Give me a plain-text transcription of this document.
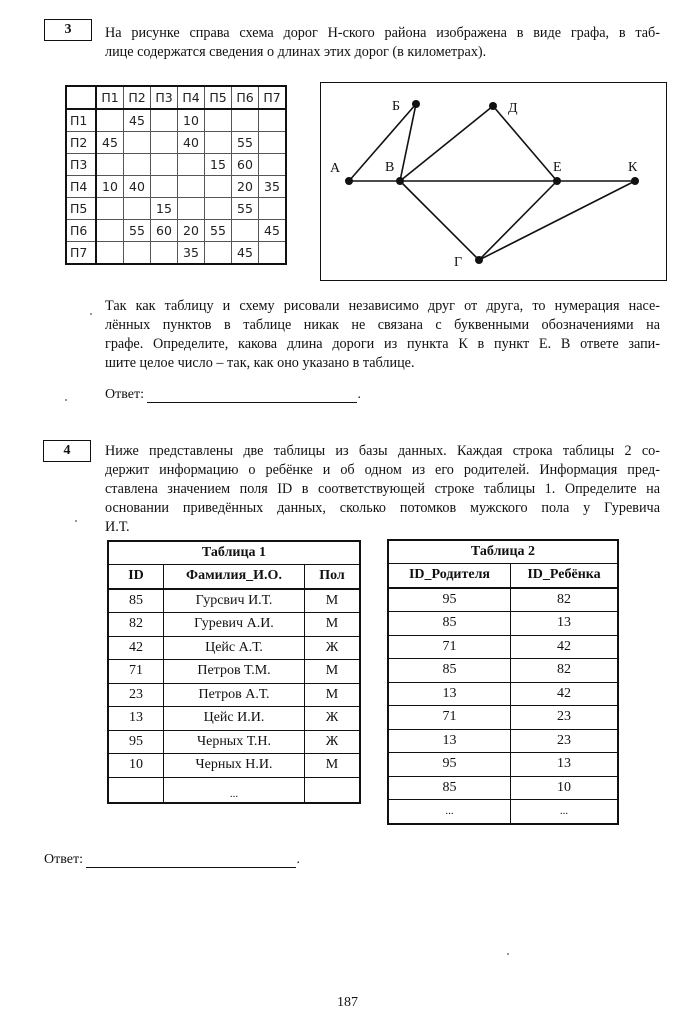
3 На рисунке справа схема дорог Н-ского района изображена в виде графа, в таб-
лице содержатся сведения о длинах этих дорог (в километрах).
	П1	П2	П3	П4	П5	П6	П7
П1		45		10			
П2	45			40		55	
П3					15	60	
П4	10	40				20	35
П5			15			55	
П6		55	60	20	55		45
П7				35		45	
А
Б
В
Д
Е	К
Г
Так как таблицу и схему рисовали независимо друг от друга, то нумерация насе-
лённых пунктов в таблице никак не связана с буквенными обозначениями на
графе. Определите, какова длина дороги из пункта К в пункт Е. В ответе запи-
шите целое число – так, как оно указано в таблице.
Ответ:	.
4 Ниже представлены две таблицы из базы данных. Каждая строка таблицы 2 со-
держит информацию о ребёнке и об одном из его родителей. Информация пред-
ставлена значением поля ID в соответствующей строке таблицы 1. Определите на
основании приведённых данных, сколько потомков мужского пола у Гуревича
И.Т.
Таблица 1		
ID	Фамилия_И.О.	Пол
85	Гурсвич И.Т.	М
82	Гуревич А.И.	М
42	Цейс А.Т.	Ж
71	Петров Т.М.	М
23	Петров А.Т.	М
13	Цейс И.И.	Ж
95	Черных Т.Н.	Ж
10	Черных Н.И.	М
	...	
Таблица 2	
ID_Родителя	ID_Ребёнка
95	82
85	13
71	42
85	82
13	42
71	23
13	23
95	13
85	10
...	...
Ответ:	.
187
